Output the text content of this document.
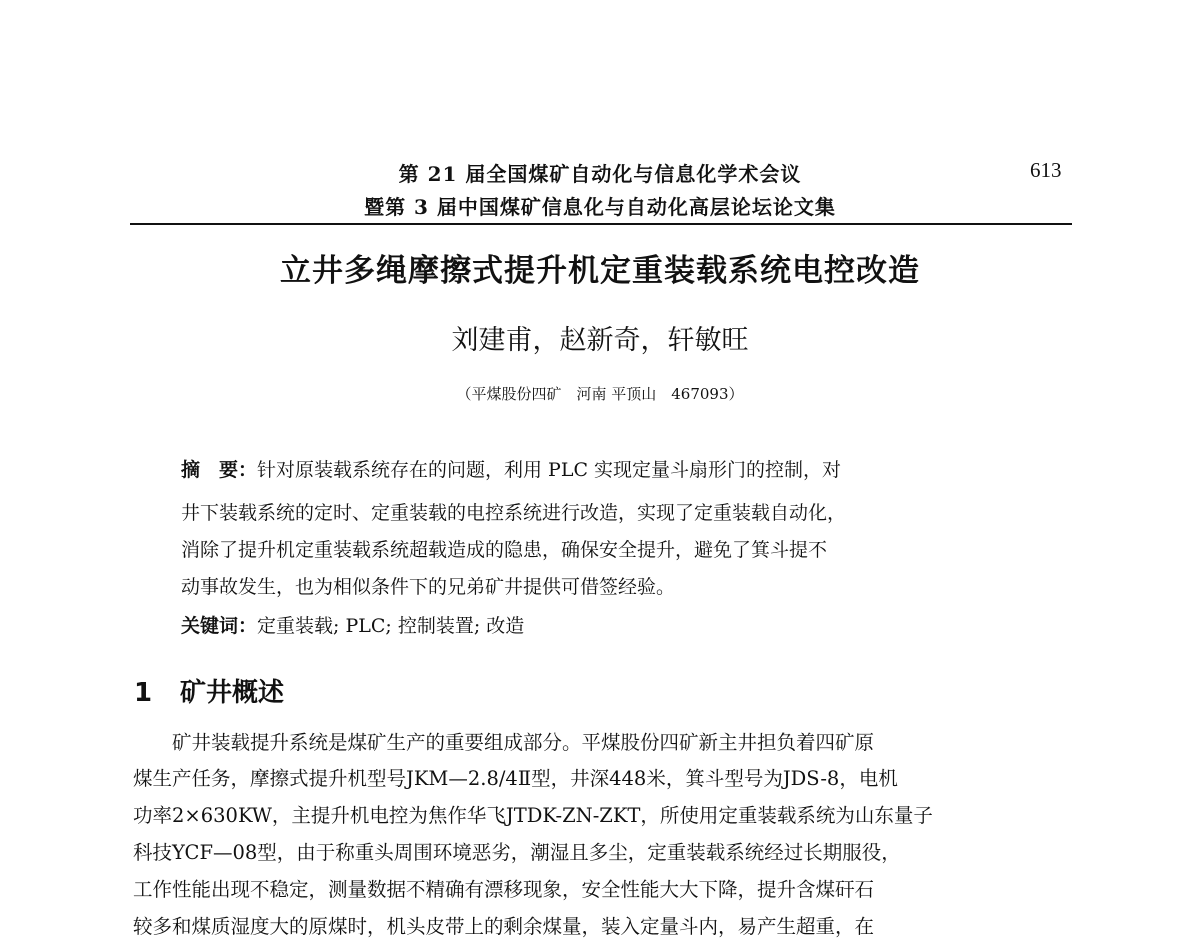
第 21 届全国煤矿自动化与信息化学术会议
暨第 3 届中国煤矿信息化与自动化高层论坛论文集
613
立井多绳摩擦式提升机定重装载系统电控改造
刘建甫，赵新奇，轩敏旺
（平煤股份四矿　河南 平顶山　467093）
摘　要：针对原装载系统存在的问题，利用 PLC 实现定量斗扇形门的控制，对
井下装载系统的定时、定重装载的电控系统进行改造，实现了定重装载自动化，
消除了提升机定重装载系统超载造成的隐患，确保安全提升，避免了箕斗提不
动事故发生，也为相似条件下的兄弟矿井提供可借签经验。
关键词：定重装载; PLC; 控制装置; 改造
1 矿井概述
矿井装载提升系统是煤矿生产的重要组成部分。平煤股份四矿新主井担负着四矿原
煤生产任务，摩擦式提升机型号JKM—2.8/4Ⅱ型，井深448米，箕斗型号为JDS-8，电机
功率2×630KW，主提升机电控为焦作华飞JTDK-ZN-ZKT，所使用定重装载系统为山东量子
科技YCF—08型，由于称重头周围环境恶劣，潮湿且多尘，定重装载系统经过长期服役，
工作性能出现不稳定，测量数据不精确有漂移现象，安全性能大大下降，提升含煤矸石
较多和煤质湿度大的原煤时，机头皮带上的剩余煤量，装入定量斗内，易产生超重，在
